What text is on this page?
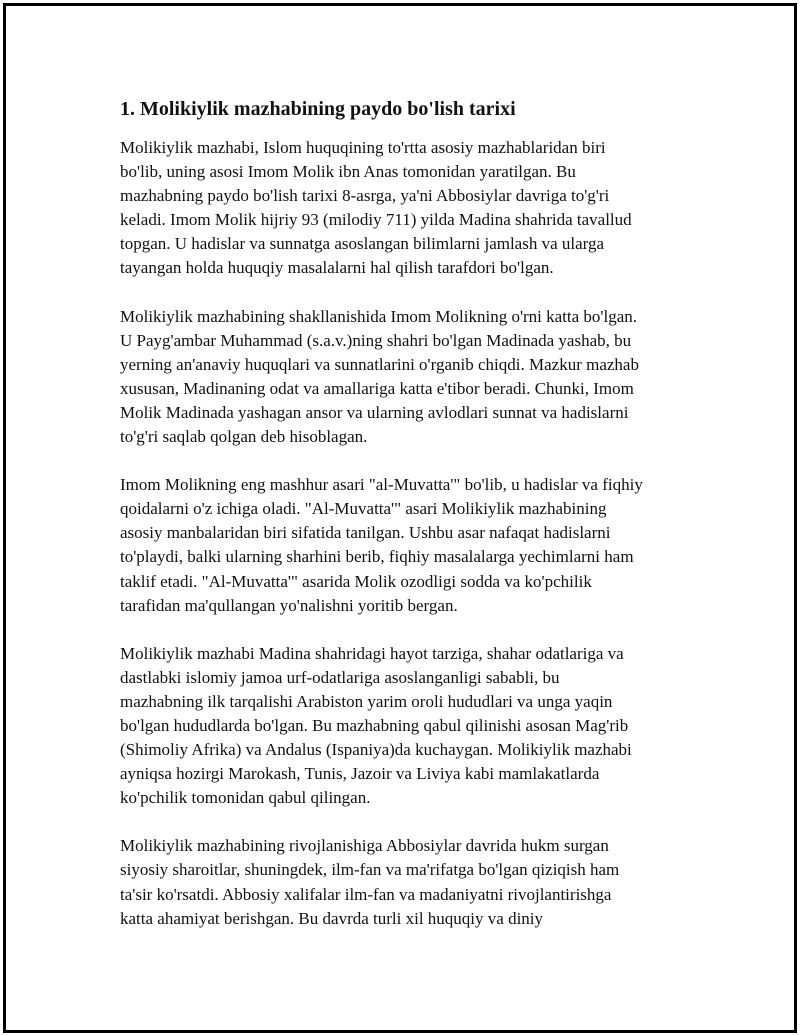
1. Molikiylik mazhabining paydo bo'lish tarixi
Molikiylik mazhabi, Islom huquqining to'rtta asosiy mazhablaridan biri
bo'lib, uning asosi Imom Molik ibn Anas tomonidan yaratilgan. Bu
mazhabning paydo bo'lish tarixi 8-asrga, ya'ni Abbosiylar davriga to'g'ri
keladi. Imom Molik hijriy 93 (milodiy 711) yilda Madina shahrida tavallud
topgan. U hadislar va sunnatga asoslangan bilimlarni jamlash va ularga
tayangan holda huquqiy masalalarni hal qilish tarafdori bo'lgan.
Molikiylik mazhabining shakllanishida Imom Molikning o'rni katta bo'lgan.
U Payg'ambar Muhammad (s.a.v.)ning shahri bo'lgan Madinada yashab, bu
yerning an'anaviy huquqlari va sunnatlarini o'rganib chiqdi. Mazkur mazhab
xususan, Madinaning odat va amallariga katta e'tibor beradi. Chunki, Imom
Molik Madinada yashagan ansor va ularning avlodlari sunnat va hadislarni
to'g'ri saqlab qolgan deb hisoblagan.
Imom Molikning eng mashhur asari "al-Muvatta'" bo'lib, u hadislar va fiqhiy
qoidalarni o'z ichiga oladi. "Al-Muvatta'" asari Molikiylik mazhabining
asosiy manbalaridan biri sifatida tanilgan. Ushbu asar nafaqat hadislarni
to'playdi, balki ularning sharhini berib, fiqhiy masalalarga yechimlarni ham
taklif etadi. "Al-Muvatta'" asarida Molik ozodligi sodda va ko'pchilik
tarafidan ma'qullangan yo'nalishni yoritib bergan.
Molikiylik mazhabi Madina shahridagi hayot tarziga, shahar odatlariga va
dastlabki islomiy jamoa urf-odatlariga asoslanganligi sababli, bu
mazhabning ilk tarqalishi Arabiston yarim oroli hududlari va unga yaqin
bo'lgan hududlarda bo'lgan. Bu mazhabning qabul qilinishi asosan Mag'rib
(Shimoliy Afrika) va Andalus (Ispaniya)da kuchaygan. Molikiylik mazhabi
ayniqsa hozirgi Marokash, Tunis, Jazoir va Liviya kabi mamlakatlarda
ko'pchilik tomonidan qabul qilingan.
Molikiylik mazhabining rivojlanishiga Abbosiylar davrida hukm surgan
siyosiy sharoitlar, shuningdek, ilm-fan va ma'rifatga bo'lgan qiziqish ham
ta'sir ko'rsatdi. Abbosiy xalifalar ilm-fan va madaniyatni rivojlantirishga
katta ahamiyat berishgan. Bu davrda turli xil huquqiy va diniy
